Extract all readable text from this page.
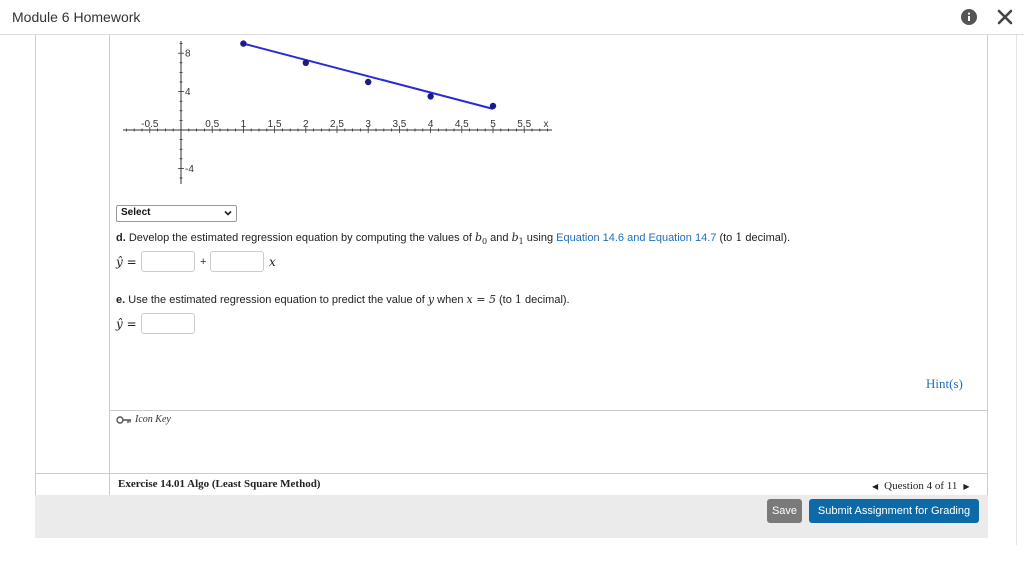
Module 6 Homework
-0.5	0.5 1 1.5 2 2.5 3 3.5 4 4.5 5 5.5 x
8
4
-4
Select
d. Develop the estimated regression equation by computing the values of $b_0$ and $b_1$ using Equation 14.6 and Equation 14.7 (to 1 decimal).
ŷ =	+	x
e. Use the estimated regression equation to predict the value of y when x = 5 (to 1 decimal).
ŷ =
Hint(s)
Icon Key
Exercise 14.01 Algo (Least Square Method)	◀ Question 4 of 11 ▶
Save	Submit Assignment for Grading
